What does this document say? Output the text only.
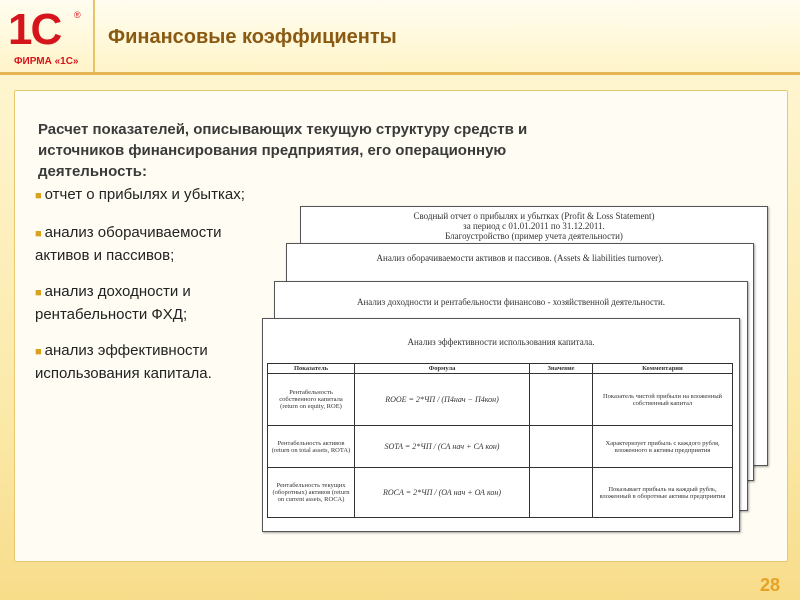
1С ®
ФИРМА «1С»
Финансовые коэффициенты
Расчет показателей, описывающих текущую структуру средств и источников финансирования предприятия, его операционную деятельность:
■ отчет о прибылях и убытках;
■ анализ оборачиваемости активов и пассивов;
■ анализ доходности и рентабельности ФХД;
■ анализ эффективности использования капитала.
Сводный отчет о прибылях и убытках (Profit & Loss Statement)
за период с 01.01.2011 по 31.12.2011.
Благоустройство (пример учета деятельности)
Анализ оборачиваемости активов и пассивов. (Assets & liabilities turnover).
Анализ доходности и рентабельности финансово - хозяйственной деятельности.
Анализ эффективности использования капитала.
Показатель	Формула	Значение	Комментарии
Рентабельность собственного капитала (return on equity, ROE)	ROOE = 2*ЧП / (П4нач − П4кон)		Показатель чистой прибыли на вложенный собственный капитал
Рентабельность активов (return on total assets, ROTA)	SOTA = 2*ЧП / (СА нач + СА кон)		Характеризует прибыль с каждого рубля, вложенного в активы предприятия
Рентабельность текущих (оборотных) активов (return on current assets, ROCA)	ROCA = 2*ЧП / (ОА нач + ОА кон)		Показывает прибыль на каждый рубль, вложенный в оборотные активы предприятия
28
